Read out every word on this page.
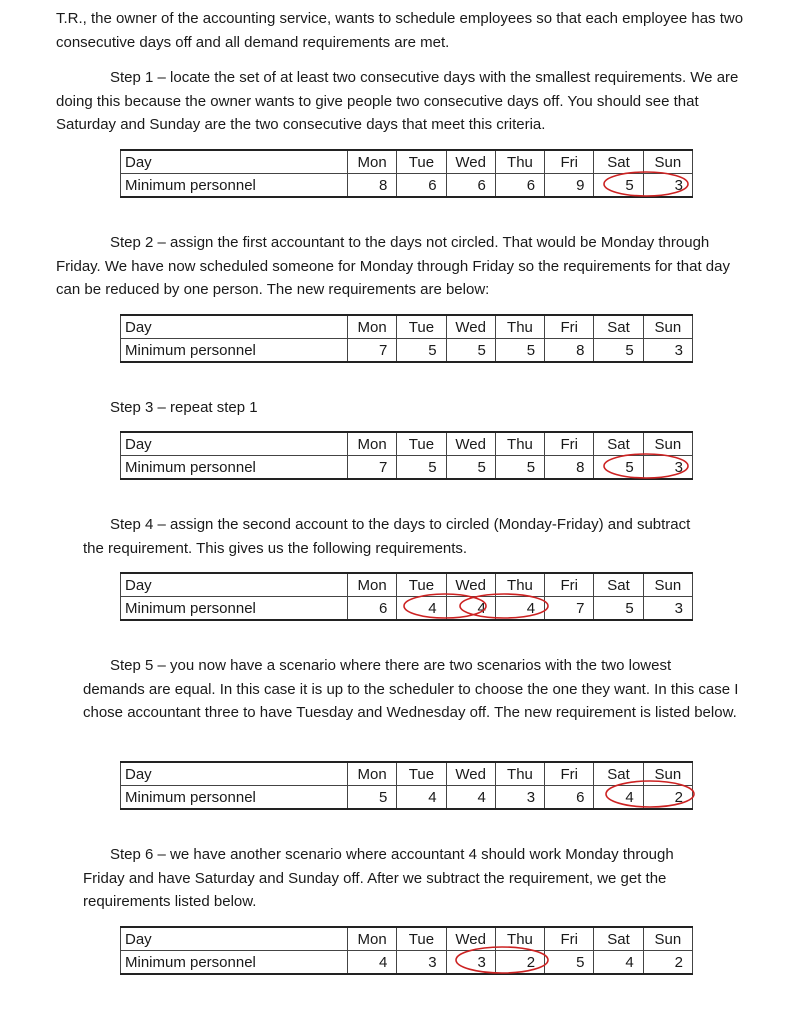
T.R., the owner of the accounting service, wants to schedule employees so that each employee has two consecutive days off and all demand requirements are met.

Step 1 – locate the set of at least two consecutive days with the smallest requirements. We are doing this because the owner wants to give people two consecutive days off. You should see that Saturday and Sunday are the two consecutive days that meet this criteria.

Day	Mon	Tue	Wed	Thu	Fri	Sat	Sun
Minimum personnel	8	6	6	6	9	5	3

Step 2 – assign the first accountant to the days not circled. That would be Monday through Friday. We have now scheduled someone for Monday through Friday so the requirements for that day can be reduced by one person. The new requirements are below:

Day	Mon	Tue	Wed	Thu	Fri	Sat	Sun
Minimum personnel	7	5	5	5	8	5	3

Step 3 – repeat step 1

Day	Mon	Tue	Wed	Thu	Fri	Sat	Sun
Minimum personnel	7	5	5	5	8	5	3

Step 4 – assign the second account to the days to circled (Monday-Friday) and subtract
the requirement. This gives us the following requirements.

Day	Mon	Tue	Wed	Thu	Fri	Sat	Sun
Minimum personnel	6	4	4	4	7	5	3

Step 5 – you now have a scenario where there are two scenarios with the two lowest
demands are equal. In this case it is up to the scheduler to choose the one they want. In this case I chose accountant three to have Tuesday and Wednesday off. The new requirement is listed below.

Day	Mon	Tue	Wed	Thu	Fri	Sat	Sun
Minimum personnel	5	4	4	3	6	4	2

Step 6 – we have another scenario where accountant 4 should work Monday through
Friday and have Saturday and Sunday off. After we subtract the requirement, we get the requirements listed below.

Day	Mon	Tue	Wed	Thu	Fri	Sat	Sun
Minimum personnel	4	3	3	2	5	4	2
